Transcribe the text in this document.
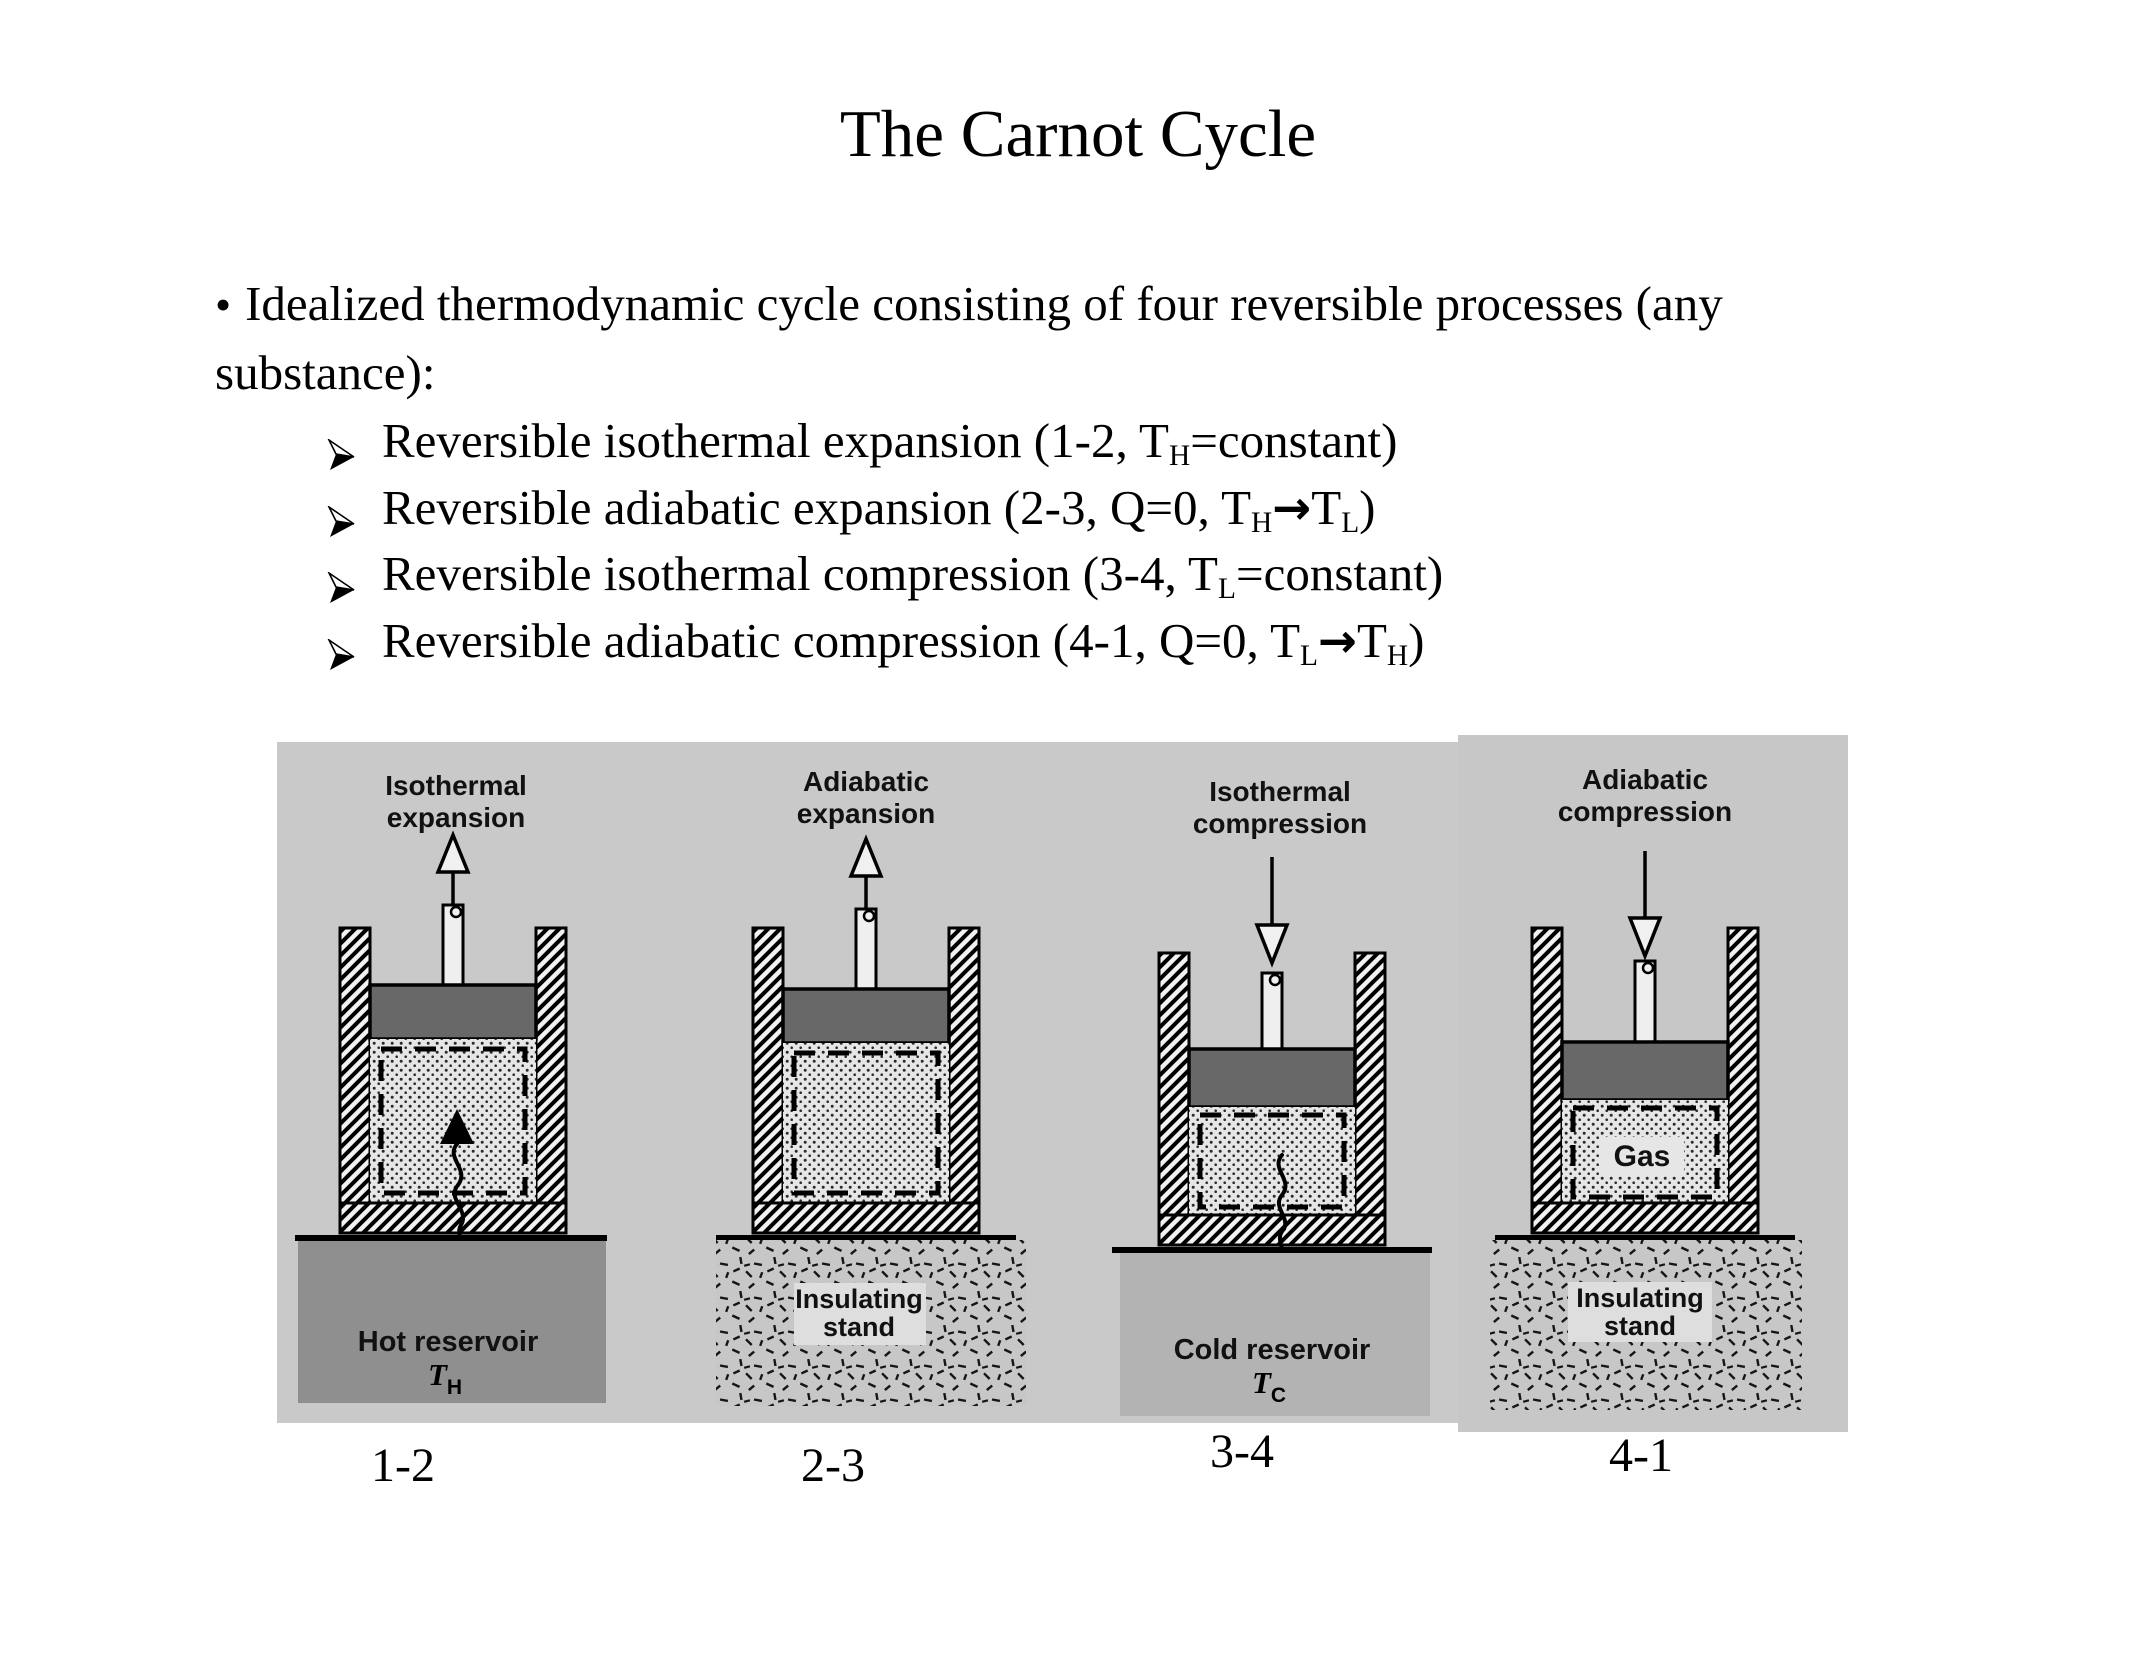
The Carnot Cycle
• Idealized thermodynamic cycle consisting of four reversible processes (any
substance):
Reversible isothermal expansion (1-2, $T_H=constant$)
Reversible adiabatic expansion (2-3, Q=0, $T_H\to T_L$)
Reversible isothermal compression (3-4, $T_L=constant$)
Reversible adiabatic compression (4-1, Q=0, $T_L\to T_H$)
Isothermal
expansion
Hot reservoir
$T_H$
Adiabatic
expansion
Insulating
stand
Isothermal
compression
Cold reservoir
$T_C$
Adiabatic
compression
Gas
Insulating
stand
1-2	2-3	3-4	4-1
